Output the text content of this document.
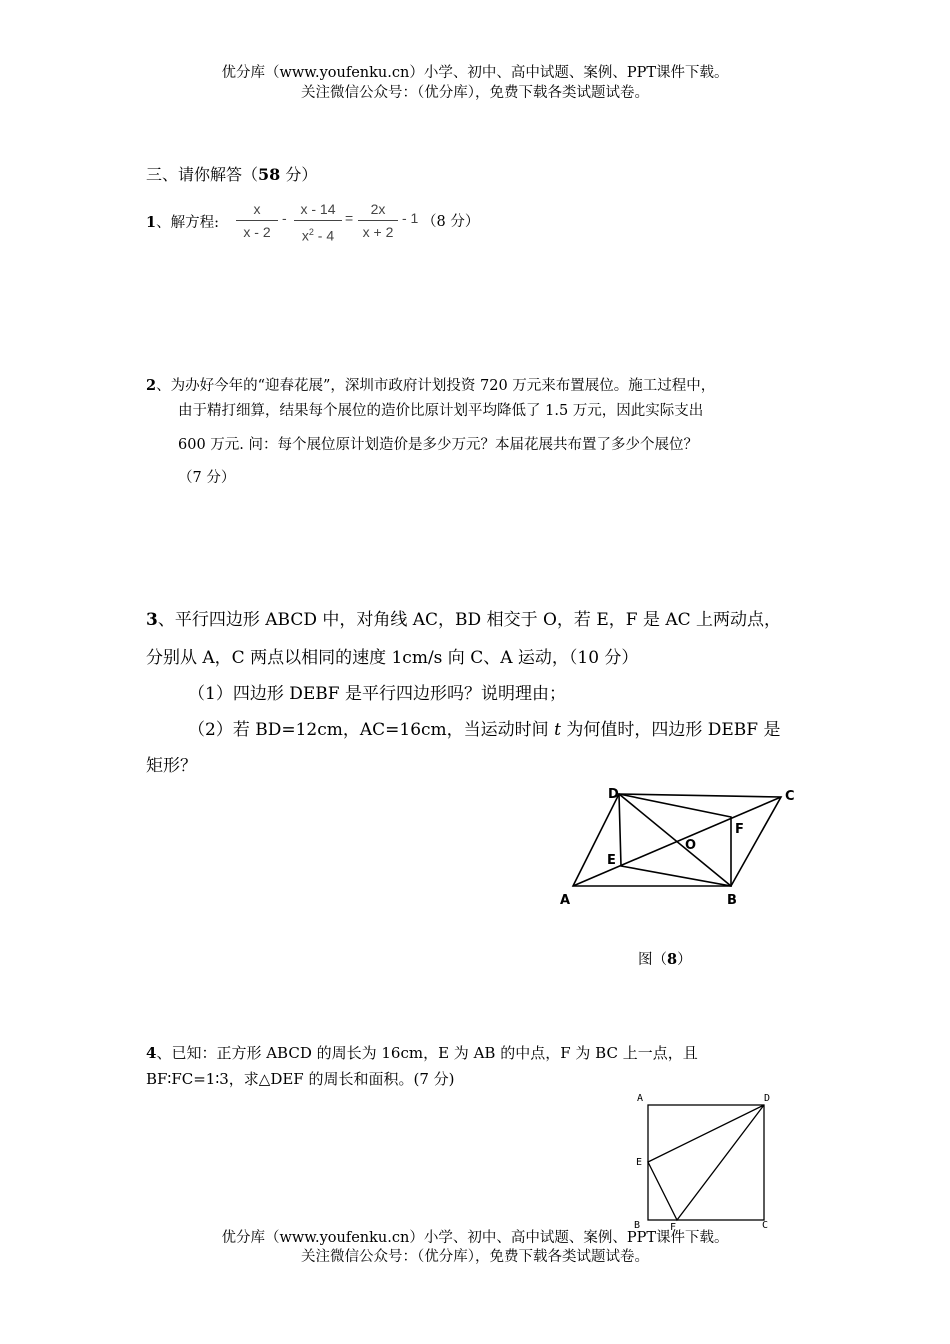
优分库（www.youfenku.cn）小学、初中、高中试题、案例、PPT课件下载。
关注微信公众号：（优分库），免费下载各类试题试卷。
三、请你解答（58 分）
1、解方程:
x
x - 2
-
x - 14
$x^2 - 4$
=
2x
x + 2
- 1 （8 分）
2、为办好今年的“迎春花展”，深圳市政府计划投资 720 万元来布置展位。施工过程中，
由于精打细算，结果每个展位的造价比原计划平均降低了 1.5 万元，因此实际支出
600 万元. 问：每个展位原计划造价是多少万元？本届花展共布置了多少个展位？
（7 分）
3、平行四边形 ABCD 中，对角线 AC，BD 相交于 O，若 E，F 是 AC 上两动点，
分别从 A，C 两点以相同的速度 1cm/s 向 C、A 运动，（10 分）
（1）四边形 DEBF 是平行四边形吗？说明理由；
（2）若 BD=12cm，AC=16cm，当运动时间 t 为何值时，四边形 DEBF 是
矩形？
D	C
F
O
E
A	B
图（8）
4、已知：正方形 ABCD 的周长为 16cm，E 为 AB 的中点，F 为 BC 上一点，且
BF∶FC=1∶3，求△DEF 的周长和面积。(7 分)
A	D
E
B	F	C
优分库（www.youfenku.cn）小学、初中、高中试题、案例、PPT课件下载。
关注微信公众号：（优分库），免费下载各类试题试卷。
